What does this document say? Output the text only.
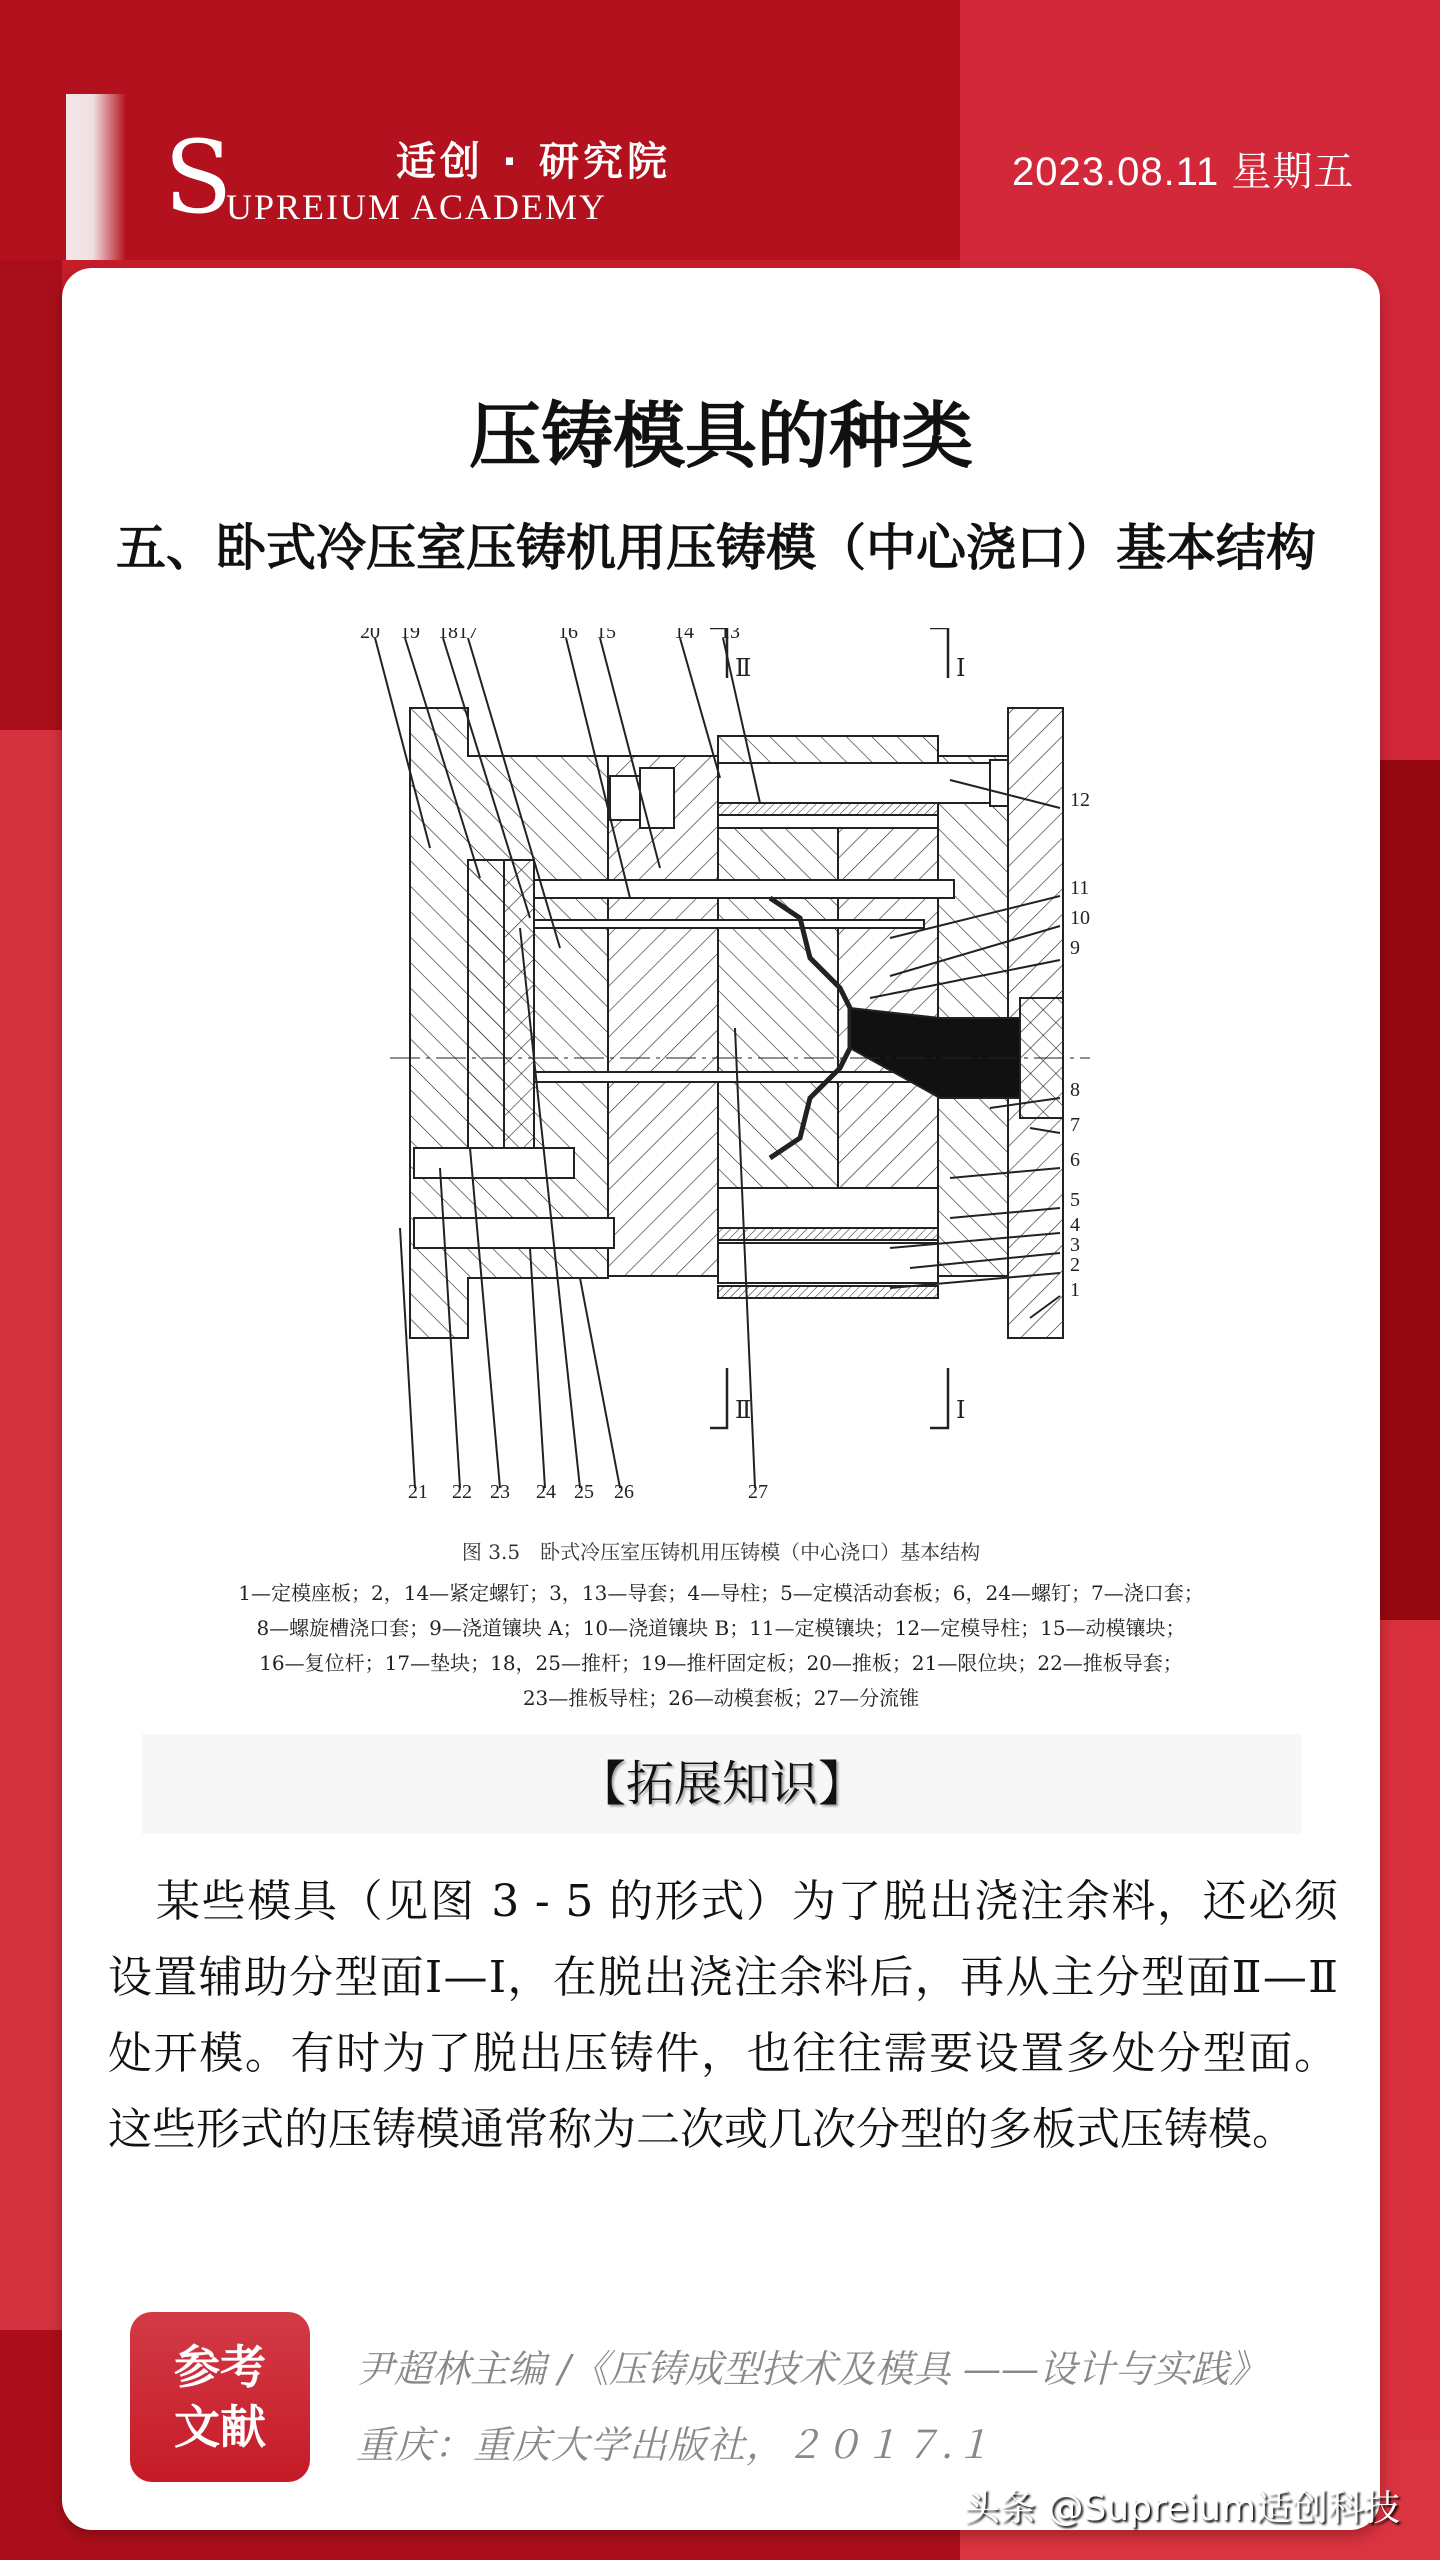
S	适创 · 研究院
UPREIUM ACADEMY
2023.08.11 星期五
压铸模具的种类
五、卧式冷压室压铸机用压铸模（中心浇口）基本结构
20 19 18 17	16 15	14 13
Ⅱ	Ⅰ
Ⅱ	Ⅰ
12
11
10
9
8
7
6
5
4
3
2
1
21 22 23 24 25 26	27
图 3.5　卧式冷压室压铸机用压铸模（中心浇口）基本结构
1—定模座板；2，14—紧定螺钉；3，13—导套；4—导柱；5—定模活动套板；6，24—螺钉；7—浇口套；
8—螺旋槽浇口套；9—浇道镶块 A；10—浇道镶块 B；11—定模镶块；12—定模导柱；15—动模镶块；
16—复位杆；17—垫块；18，25—推杆；19—推杆固定板；20—推板；21—限位块；22—推板导套；
23—推板导柱；26—动模套板；27—分流锥
【拓展知识】

某些模具（见图 3 - 5 的形式）为了脱出浇注余料，还必须设置辅助分型面Ⅰ—Ⅰ，在脱出浇注余料后，再从主分型面Ⅱ—Ⅱ处开模。有时为了脱出压铸件，也往往需要设置多处分型面。这些形式的压铸模通常称为二次或几次分型的多板式压铸模。

参考
文献
尹超林主编 /《压铸成型技术及模具 ——设计与实践》
重庆：重庆大学出版社，２０１７.１
头条 @Supreium适创科技
